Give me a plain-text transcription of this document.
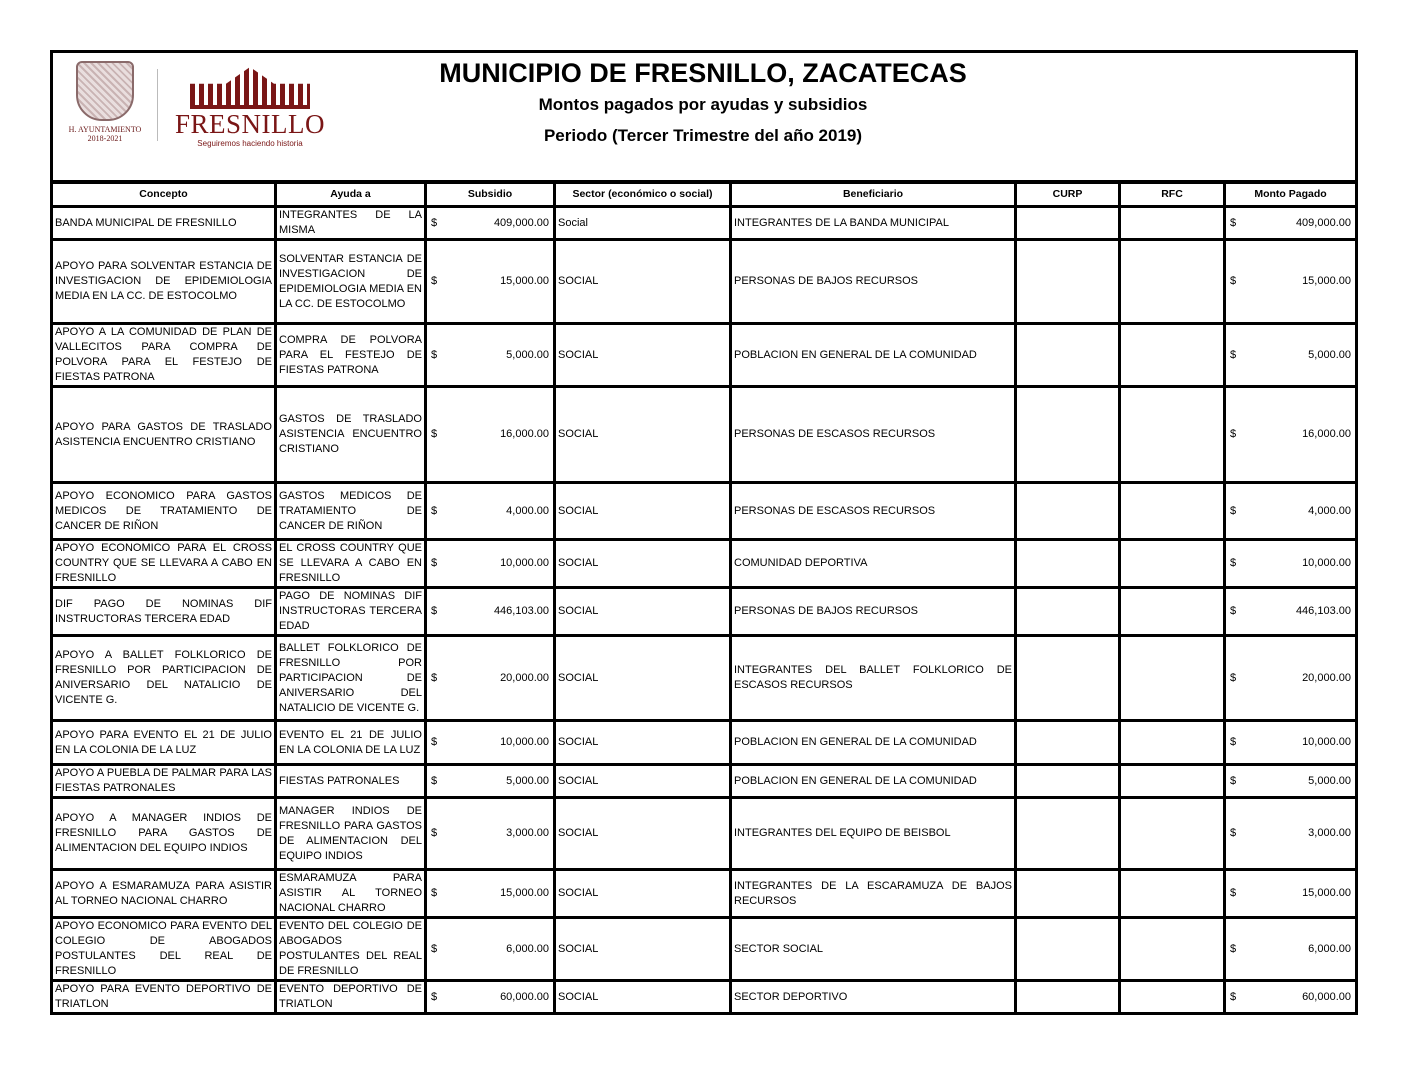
H. AYUNTAMIENTO 2018-2021	FRESNILLO
Seguiremos haciendo historia
MUNICIPIO DE FRESNILLO, ZACATECAS
Montos pagados por ayudas y subsidios
Periodo (Tercer Trimestre del año 2019)
Concepto	Ayuda a	Subsidio	Sector (económico o social)	Beneficiario	CURP	RFC	Monto Pagado
BANDA MUNICIPAL DE FRESNILLO	INTEGRANTES DE LA MISMA	$ 409,000.00	Social	INTEGRANTES DE LA BANDA MUNICIPAL			$ 409,000.00

APOYO PARA SOLVENTAR ESTANCIA DE INVESTIGACION DE EPIDEMIOLOGIA MEDIA EN LA CC. DE ESTOCOLMO	SOLVENTAR ESTANCIA DE INVESTIGACION DE EPIDEMIOLOGIA MEDIA EN LA CC. DE ESTOCOLMO	$ 15,000.00	SOCIAL	PERSONAS DE BAJOS RECURSOS			$ 15,000.00

APOYO A LA COMUNIDAD DE PLAN DE VALLECITOS PARA COMPRA DE POLVORA PARA EL FESTEJO DE FIESTAS PATRONA	COMPRA DE POLVORA PARA EL FESTEJO DE FIESTAS PATRONA	$ 5,000.00	SOCIAL	POBLACION EN GENERAL DE LA COMUNIDAD			$ 5,000.00

APOYO PARA GASTOS DE TRASLADO ASISTENCIA ENCUENTRO CRISTIANO	GASTOS DE TRASLADO ASISTENCIA ENCUENTRO CRISTIANO	$ 16,000.00	SOCIAL	PERSONAS DE ESCASOS RECURSOS			$ 16,000.00

APOYO ECONOMICO PARA GASTOS MEDICOS DE TRATAMIENTO DE CANCER DE RIÑON	GASTOS MEDICOS DE TRATAMIENTO DE CANCER DE RIÑON	$ 4,000.00	SOCIAL	PERSONAS DE ESCASOS RECURSOS			$ 4,000.00

APOYO ECONOMICO PARA EL CROSS COUNTRY QUE SE LLEVARA A CABO EN FRESNILLO	EL CROSS COUNTRY QUE SE LLEVARA A CABO EN FRESNILLO	$ 10,000.00	SOCIAL	COMUNIDAD DEPORTIVA			$ 10,000.00

DIF PAGO DE NOMINAS DIF INSTRUCTORAS TERCERA EDAD	PAGO DE NOMINAS DIF INSTRUCTORAS TERCERA EDAD	$ 446,103.00	SOCIAL	PERSONAS DE BAJOS RECURSOS			$ 446,103.00

APOYO A BALLET FOLKLORICO DE FRESNILLO POR PARTICIPACION DE ANIVERSARIO DEL NATALICIO DE VICENTE G.	BALLET FOLKLORICO DE FRESNILLO POR PARTICIPACION DE ANIVERSARIO DEL NATALICIO DE VICENTE G.	$ 20,000.00	SOCIAL	INTEGRANTES DEL BALLET FOLKLORICO DE ESCASOS RECURSOS			$ 20,000.00

APOYO PARA EVENTO EL 21 DE JULIO EN LA COLONIA DE LA LUZ	EVENTO EL 21 DE JULIO EN LA COLONIA DE LA LUZ	$ 10,000.00	SOCIAL	POBLACION EN GENERAL DE LA COMUNIDAD			$ 10,000.00

APOYO A PUEBLA DE PALMAR PARA LAS FIESTAS PATRONALES	FIESTAS PATRONALES	$ 5,000.00	SOCIAL	POBLACION EN GENERAL DE LA COMUNIDAD			$ 5,000.00

APOYO A MANAGER INDIOS DE FRESNILLO PARA GASTOS DE ALIMENTACION DEL EQUIPO INDIOS	MANAGER INDIOS DE FRESNILLO PARA GASTOS DE ALIMENTACION DEL EQUIPO INDIOS	$ 3,000.00	SOCIAL	INTEGRANTES DEL EQUIPO DE BEISBOL			$ 3,000.00

APOYO A ESMARAMUZA PARA ASISTIR AL TORNEO NACIONAL CHARRO	ESMARAMUZA PARA ASISTIR AL TORNEO NACIONAL CHARRO	$ 15,000.00	SOCIAL	INTEGRANTES DE LA ESCARAMUZA DE BAJOS RECURSOS			$ 15,000.00

APOYO ECONOMICO PARA EVENTO DEL COLEGIO DE ABOGADOS POSTULANTES DEL REAL DE FRESNILLO	EVENTO DEL COLEGIO DE ABOGADOS POSTULANTES DEL REAL DE FRESNILLO	$ 6,000.00	SOCIAL	SECTOR SOCIAL			$ 6,000.00

APOYO PARA EVENTO DEPORTIVO DE TRIATLON	EVENTO DEPORTIVO DE TRIATLON	$ 60,000.00	SOCIAL	SECTOR DEPORTIVO			$ 60,000.00
